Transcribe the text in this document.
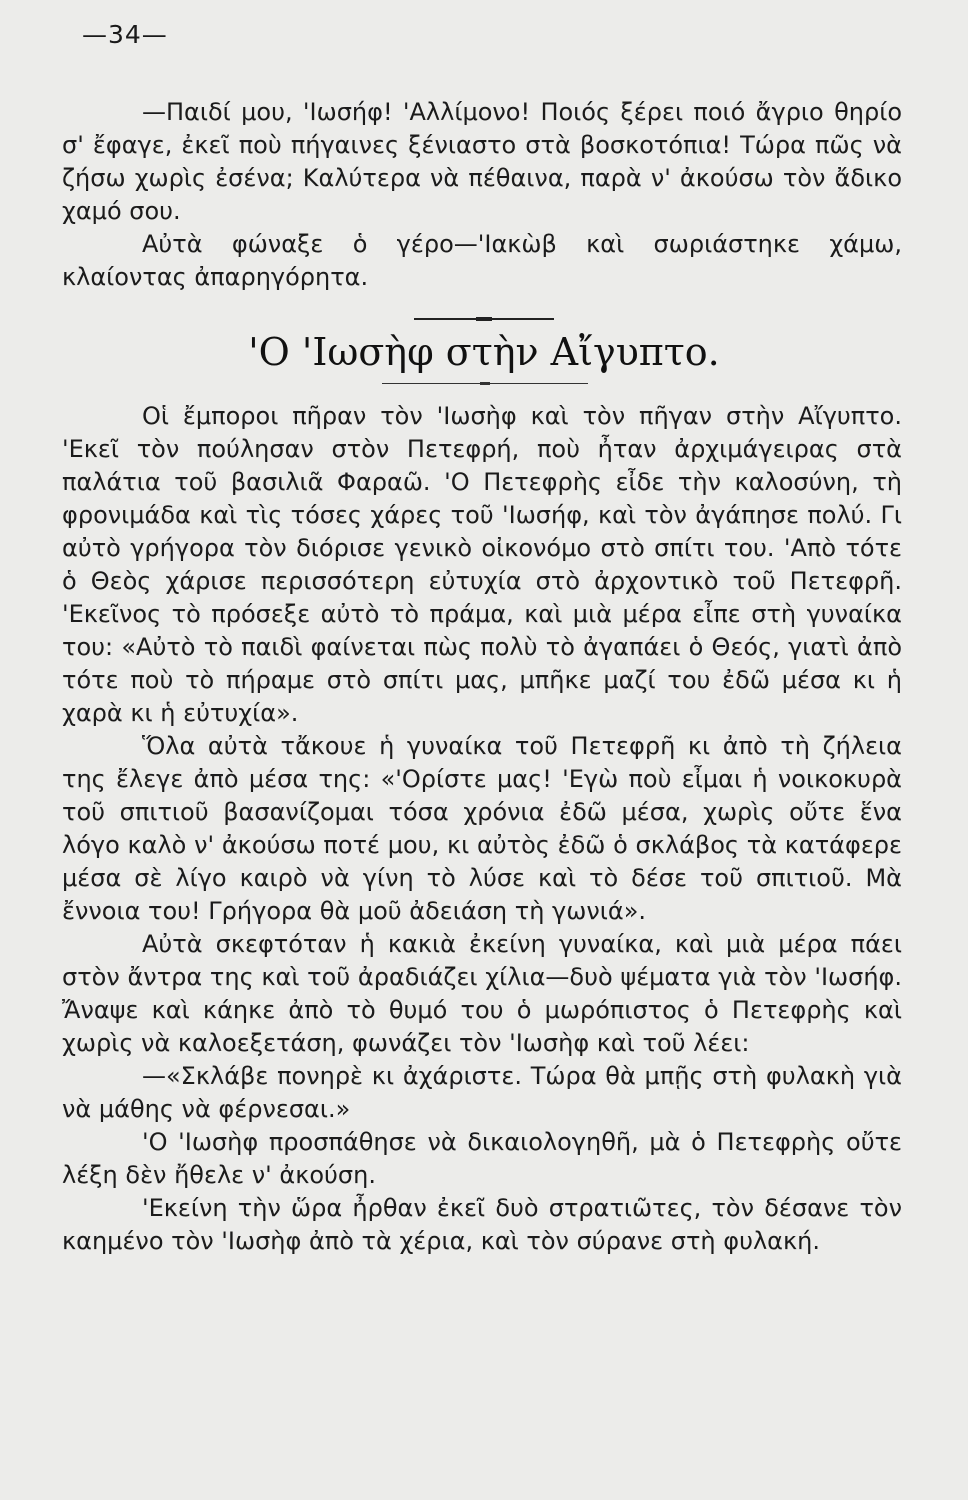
—34—

—Παιδί μου, 'Ιωσήφ! 'Αλλίμονο! Ποιός ξέρει ποιό ἄγριο θηρίο σ' ἔφαγε, ἐκεῖ ποὺ πήγαινες ξένιαστο στὰ βοσκοτόπια! Τώρα πῶς νὰ ζήσω χωρὶς ἐσένα; Καλύτερα νὰ πέθαινα, παρὰ ν' ἀκούσω τὸν ἄδικο χαμό σου.

Αὐτὰ φώναξε ὁ γέρο—'Ιακὼβ καὶ σωριάστηκε χάμω, κλαίοντας ἀπαρηγόρητα.

'Ο 'Ιωσὴφ στὴν Αἴγυπτο.

Οἱ ἔμποροι πῆραν τὸν 'Ιωσὴφ καὶ τὸν πῆγαν στὴν Αἴγυπτο. 'Εκεῖ τὸν πούλησαν στὸν Πετεφρή, ποὺ ἦταν ἀρχιμάγειρας στὰ παλάτια τοῦ βασιλιᾶ Φαραῶ. 'Ο Πετεφρὴς εἶδε τὴν καλοσύνη, τὴ φρονιμάδα καὶ τὶς τόσες χάρες τοῦ 'Ιωσήφ, καὶ τὸν ἀγάπησε πολύ. Γι αὐτὸ γρήγορα τὸν διόρισε γενικὸ οἰκονόμο στὸ σπίτι του. 'Απὸ τότε ὁ Θεὸς χάρισε περισσότερη εὐτυχία στὸ ἀρχοντικὸ τοῦ Πετεφρῆ. 'Εκεῖνος τὸ πρόσεξε αὐτὸ τὸ πράμα, καὶ μιὰ μέρα εἶπε στὴ γυναίκα του: «Αὐτὸ τὸ παιδὶ φαίνεται πὼς πολὺ τὸ ἀγαπάει ὁ Θεός, γιατὶ ἀπὸ τότε ποὺ τὸ πήραμε στὸ σπίτι μας, μπῆκε μαζί του ἐδῶ μέσα κι ἡ χαρὰ κι ἡ εὐτυχία».

Ὅλα αὐτὰ τἄκουε ἡ γυναίκα τοῦ Πετεφρῆ κι ἀπὸ τὴ ζήλεια της ἔλεγε ἀπὸ μέσα της: «'Ορίστε μας! 'Εγὼ ποὺ εἶμαι ἡ νοικοκυρὰ τοῦ σπιτιοῦ βασανίζομαι τόσα χρόνια ἐδῶ μέσα, χωρὶς οὔτε ἕνα λόγο καλὸ ν' ἀκούσω ποτέ μου, κι αὐτὸς ἐδῶ ὁ σκλάβος τὰ κατάφερε μέσα σὲ λίγο καιρὸ νὰ γίνη τὸ λύσε καὶ τὸ δέσε τοῦ σπιτιοῦ. Μὰ ἔννοια του! Γρήγορα θὰ μοῦ ἀδειάση τὴ γωνιά».

Αὐτὰ σκεφτόταν ἡ κακιὰ ἐκείνη γυναίκα, καὶ μιὰ μέρα πάει στὸν ἄντρα της καὶ τοῦ ἀραδιάζει χίλια—δυὸ ψέματα γιὰ τὸν 'Ιωσήφ. Ἄναψε καὶ κάηκε ἀπὸ τὸ θυμό του ὁ μωρόπιστος ὁ Πετεφρὴς καὶ χωρὶς νὰ καλοεξετάση, φωνάζει τὸν 'Ιωσὴφ καὶ τοῦ λέει:

—«Σκλάβε πονηρὲ κι ἀχάριστε. Τώρα θὰ μπῇς στὴ φυλακὴ γιὰ νὰ μάθης νὰ φέρνεσαι.»

'Ο 'Ιωσὴφ προσπάθησε νὰ δικαιολογηθῆ, μὰ ὁ Πετεφρὴς οὔτε λέξη δὲν ἤθελε ν' ἀκούση.

'Εκείνη τὴν ὥρα ἦρθαν ἐκεῖ δυὸ στρατιῶτες, τὸν δέσανε τὸν καημένο τὸν 'Ιωσὴφ ἀπὸ τὰ χέρια, καὶ τὸν σύρανε στὴ φυλακή.
